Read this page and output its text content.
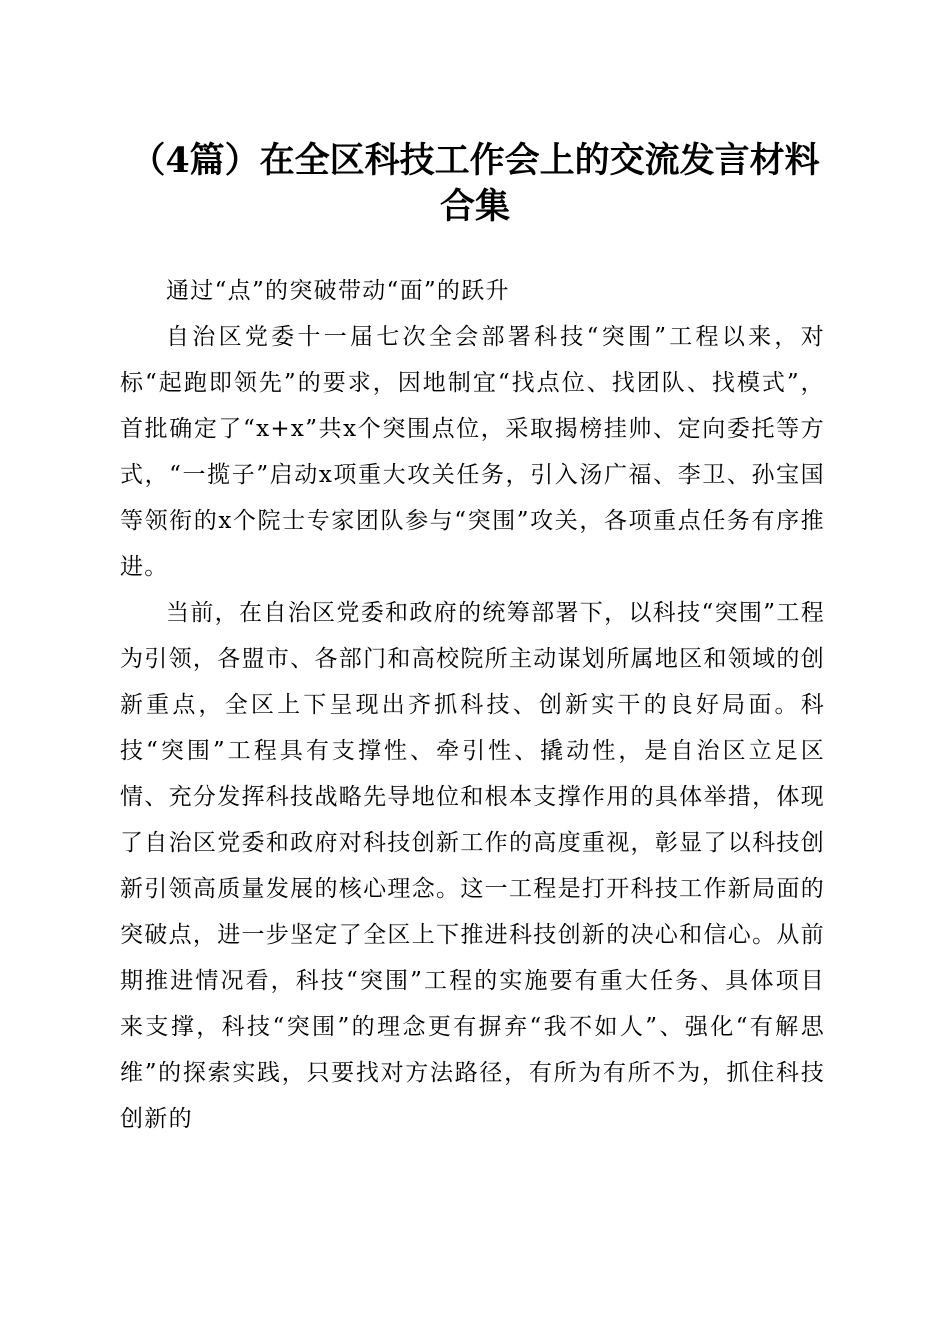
（4篇）在全区科技工作会上的交流发言材料
合集

通过“点”的突破带动“面”的跃升

自治区党委十一届七次全会部署科技“突围”工程以来，对标“起跑即领先”的要求，因地制宜“找点位、找团队、找模式”，首批确定了“x+x”共x个突围点位，采取揭榜挂帅、定向委托等方式，“一揽子”启动x项重大攻关任务，引入汤广福、李卫、孙宝国等领衔的x个院士专家团队参与“突围”攻关，各项重点任务有序推进。

当前，在自治区党委和政府的统筹部署下，以科技“突围”工程为引领，各盟市、各部门和高校院所主动谋划所属地区和领域的创新重点，全区上下呈现出齐抓科技、创新实干的良好局面。科技“突围”工程具有支撑性、牵引性、撬动性，是自治区立足区情、充分发挥科技战略先导地位和根本支撑作用的具体举措，体现了自治区党委和政府对科技创新工作的高度重视，彰显了以科技创新引领高质量发展的核心理念。这一工程是打开科技工作新局面的突破点，进一步坚定了全区上下推进科技创新的决心和信心。从前期推进情况看，科技“突围”工程的实施要有重大任务、具体项目来支撑，科技“突围”的理念更有摒弃“我不如人”、强化“有解思维”的探索实践，只要找对方法路径，有所为有所不为，抓住科技创新的
